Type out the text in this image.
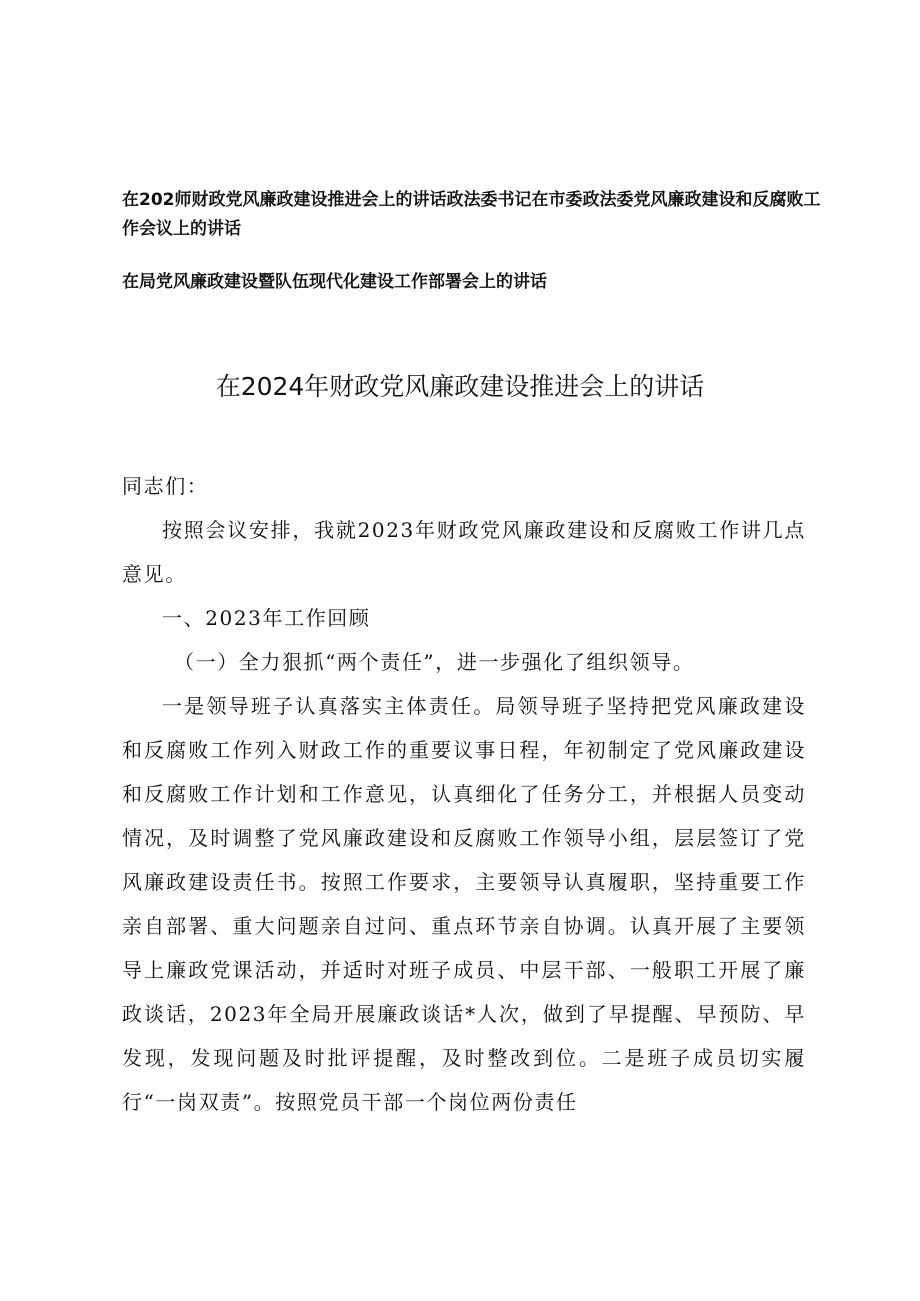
在202师财政党风廉政建设推进会上的讲话政法委书记在市委政法委党风廉政建设和反腐败工作会议上的讲话

在局党风廉政建设暨队伍现代化建设工作部署会上的讲话

在2024年财政党风廉政建设推进会上的讲话

同志们：

按照会议安排，我就2023年财政党风廉政建设和反腐败工作讲几点意见。

一、2023年工作回顾

（一）全力狠抓“两个责任”，进一步强化了组织领导。

一是领导班子认真落实主体责任。局领导班子坚持把党风廉政建设和反腐败工作列入财政工作的重要议事日程，年初制定了党风廉政建设和反腐败工作计划和工作意见，认真细化了任务分工，并根据人员变动情况，及时调整了党风廉政建设和反腐败工作领导小组，层层签订了党风廉政建设责任书。按照工作要求，主要领导认真履职，坚持重要工作亲自部署、重大问题亲自过问、重点环节亲自协调。认真开展了主要领导上廉政党课活动，并适时对班子成员、中层干部、一般职工开展了廉政谈话，2023年全局开展廉政谈话*人次，做到了早提醒、早预防、早发现，发现问题及时批评提醒，及时整改到位。二是班子成员切实履行“一岗双责”。按照党员干部一个岗位两份责任
